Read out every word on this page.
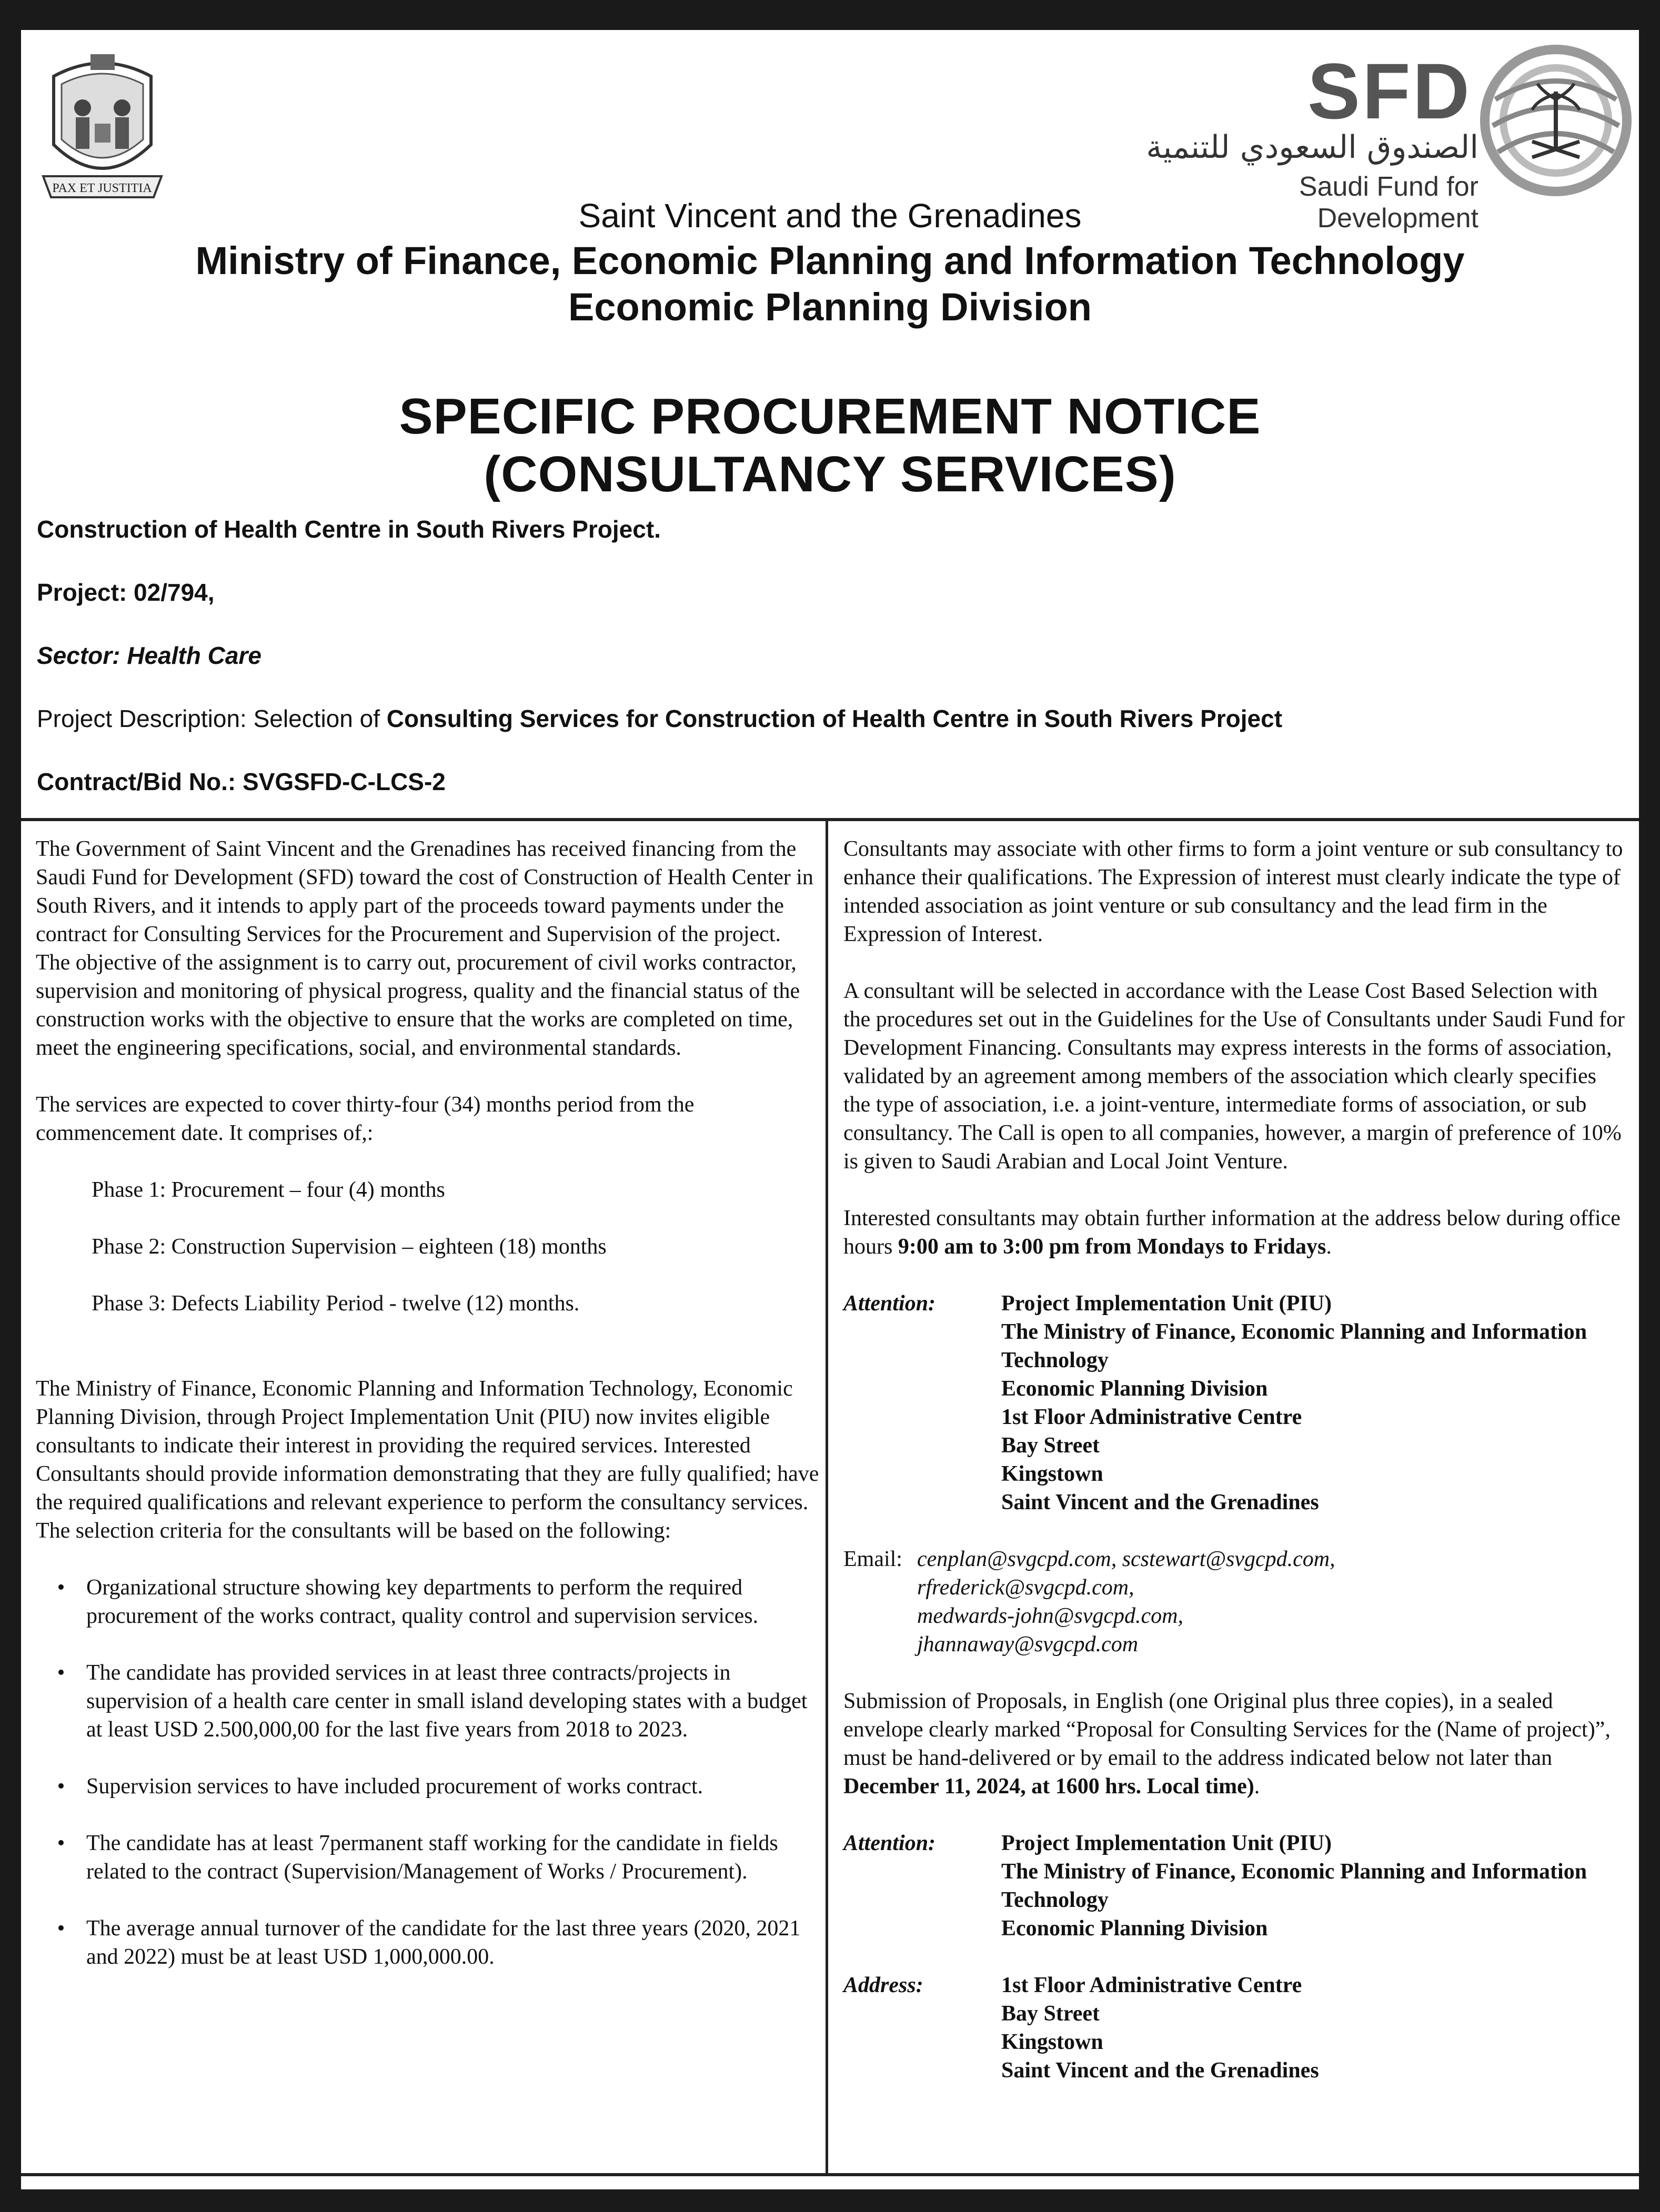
PAX ET JUSTITIA
SFD
الصندوق السعودي للتنمية
Saudi Fund for Development
Saint Vincent and the Grenadines
Ministry of Finance, Economic Planning and Information Technology
Economic Planning Division
SPECIFIC PROCUREMENT NOTICE
(CONSULTANCY SERVICES)
Construction of Health Centre in South Rivers Project.
Project: 02/794,
Sector: Health Care
Project Description: Selection of Consulting Services for Construction of Health Centre in South Rivers Project
Contract/Bid No.: SVGSFD-C-LCS-2

The Government of Saint Vincent and the Grenadines has received financing from the Saudi Fund for Development (SFD) toward the cost of Construction of Health Center in South Rivers, and it intends to apply part of the proceeds toward payments under the contract for Consulting Services for the Procurement and Supervision of the project. The objective of the assignment is to carry out, procurement of civil works contractor, supervision and monitoring of physical progress, quality and the financial status of the construction works with the objective to ensure that the works are completed on time, meet the engineering specifications, social, and environmental standards.

The services are expected to cover thirty-four (34) months period from the commencement date. It comprises of,:

Phase 1: Procurement – four (4) months

Phase 2: Construction Supervision – eighteen (18) months

Phase 3: Defects Liability Period - twelve (12) months.

The Ministry of Finance, Economic Planning and Information Technology, Economic Planning Division, through Project Implementation Unit (PIU) now invites eligible consultants to indicate their interest in providing the required services. Interested Consultants should provide information demonstrating that they are fully qualified; have the required qualifications and relevant experience to perform the consultancy services. The selection criteria for the consultants will be based on the following:

• Organizational structure showing key departments to perform the required procurement of the works contract, quality control and supervision services.
• The candidate has provided services in at least three contracts/projects in supervision of a health care center in small island developing states with a budget at least USD 2.500,000,00 for the last five years from 2018 to 2023.
• Supervision services to have included procurement of works contract.
• The candidate has at least 7permanent staff working for the candidate in fields related to the contract (Supervision/Management of Works / Procurement).
• The average annual turnover of the candidate for the last three years (2020, 2021 and 2022) must be at least USD 1,000,000.00.

Consultants may associate with other firms to form a joint venture or sub consultancy to enhance their qualifications. The Expression of interest must clearly indicate the type of intended association as joint venture or sub consultancy and the lead firm in the Expression of Interest.

A consultant will be selected in accordance with the Lease Cost Based Selection with the procedures set out in the Guidelines for the Use of Consultants under Saudi Fund for Development Financing. Consultants may express interests in the forms of association, validated by an agreement among members of the association which clearly specifies the type of association, i.e. a joint-venture, intermediate forms of association, or sub consultancy. The Call is open to all companies, however, a margin of preference of 10% is given to Saudi Arabian and Local Joint Venture.

Interested consultants may obtain further information at the address below during office hours 9:00 am to 3:00 pm from Mondays to Fridays.

Attention:	Project Implementation Unit (PIU)
The Ministry of Finance, Economic Planning and Information Technology
Economic Planning Division
1st Floor Administrative Centre
Bay Street
Kingstown
Saint Vincent and the Grenadines
Email: cenplan@svgcpd.com, scstewart@svgcpd.com,
rfrederick@svgcpd.com,
medwards-john@svgcpd.com,
jhannaway@svgcpd.com

Submission of Proposals, in English (one Original plus three copies), in a sealed envelope clearly marked “Proposal for Consulting Services for the (Name of project)”, must be hand-delivered or by email to the address indicated below not later than December 11, 2024, at 1600 hrs. Local time).

Attention:	Project Implementation Unit (PIU)
The Ministry of Finance, Economic Planning and Information Technology
Economic Planning Division
Address:	1st Floor Administrative Centre
Bay Street
Kingstown
Saint Vincent and the Grenadines
